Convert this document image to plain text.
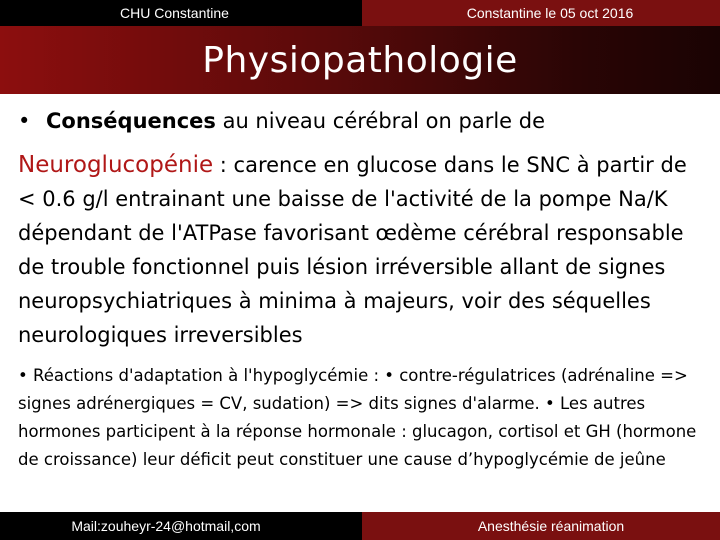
CHU Constantine	Constantine le 05 oct 2016
Physiopathologie

• Conséquences au niveau cérébral on parle de

Neuroglucopénie : carence en glucose dans le SNC à partir de < 0.6 g/l entrainant une baisse de l'activité de la pompe Na/K dépendant de l'ATPase favorisant œdème cérébral responsable de trouble fonctionnel puis lésion irréversible allant de signes neuropsychiatriques à minima à majeurs, voir des séquelles neurologiques irreversibles

• Réactions d'adaptation à l'hypoglycémie : • contre-régulatrices (adrénaline => signes adrénergiques = CV, sudation) => dits signes d'alarme. • Les autres hormones participent à la réponse hormonale : glucagon, cortisol et GH (hormone de croissance) leur déficit peut constituer une cause d’hypoglycémie de jeûne

Mail:zouheyr-24@hotmail,com	Anesthésie réanimation
